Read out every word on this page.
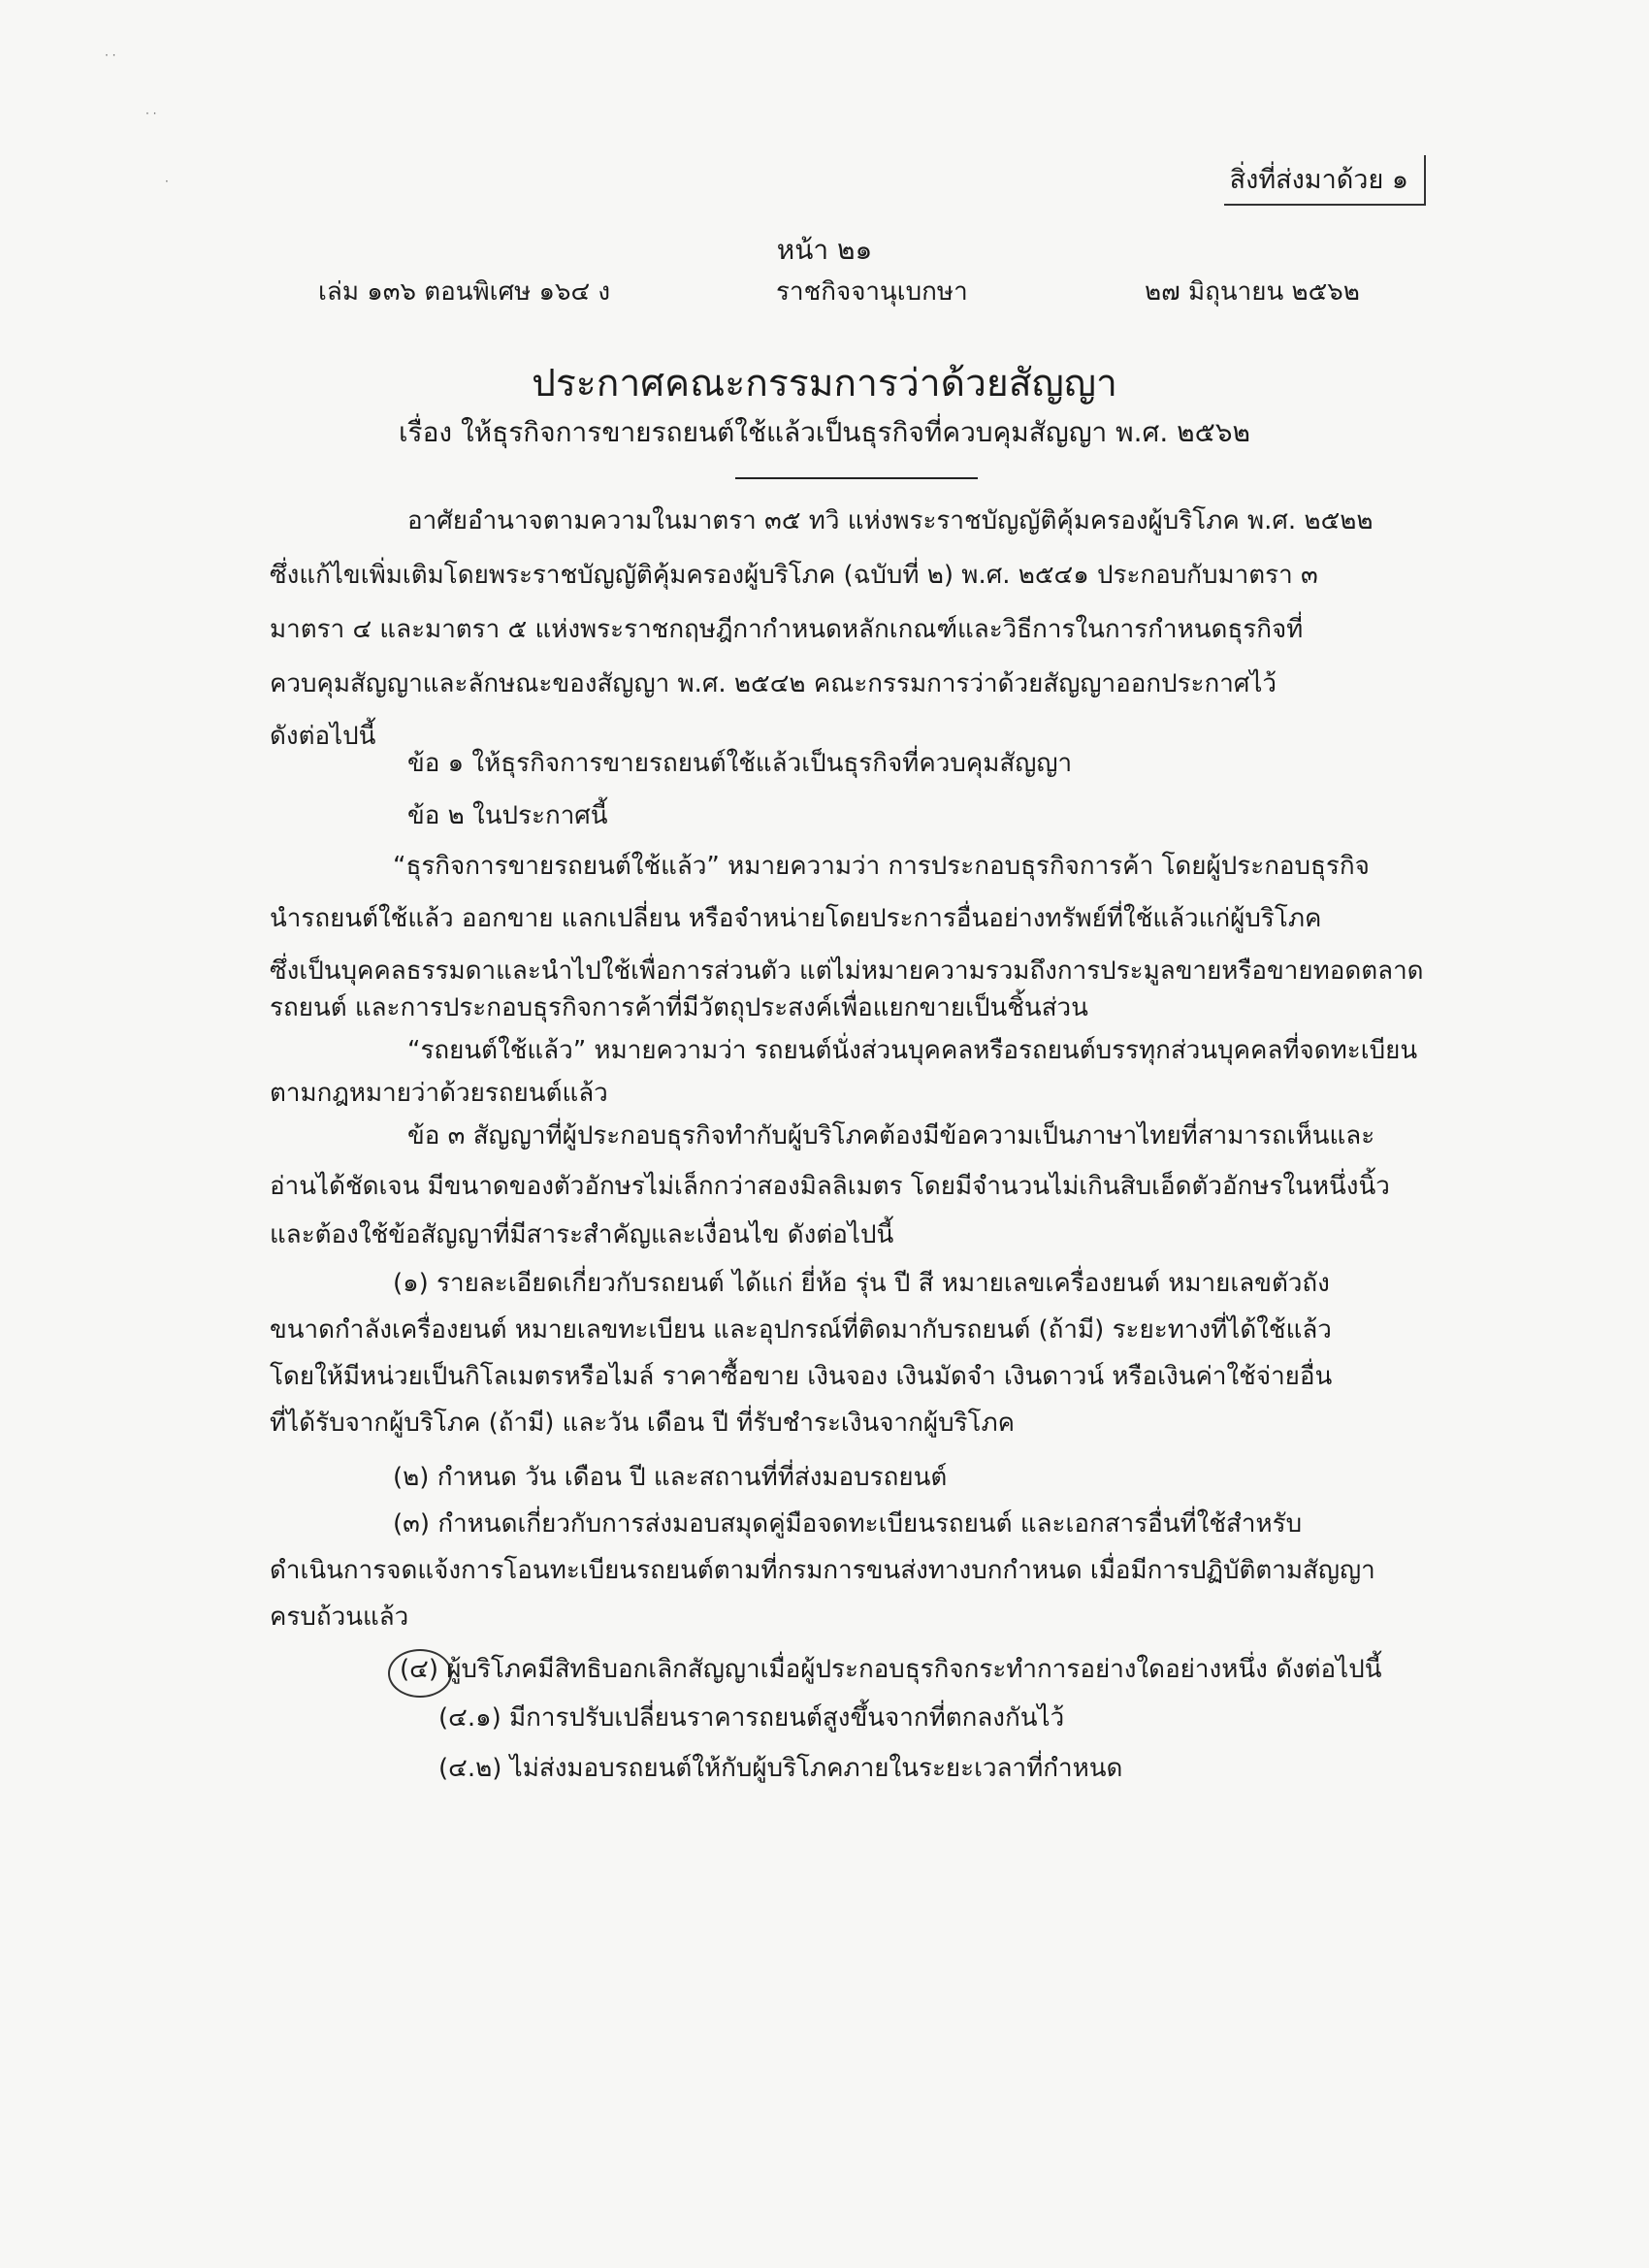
· ·
· ·
·	สิ่งที่ส่งมาด้วย ๑
หน้า ๒๑
เล่ม ๑๓๖ ตอนพิเศษ ๑๖๔ ง	ราชกิจจานุเบกษา	๒๗ มิถุนายน ๒๕๖๒
ประกาศคณะกรรมการว่าด้วยสัญญา
เรื่อง ให้ธุรกิจการขายรถยนต์ใช้แล้วเป็นธุรกิจที่ควบคุมสัญญา พ.ศ. ๒๕๖๒
อาศัยอำนาจตามความในมาตรา ๓๕ ทวิ แห่งพระราชบัญญัติคุ้มครองผู้บริโภค พ.ศ. ๒๕๒๒
ซึ่งแก้ไขเพิ่มเติมโดยพระราชบัญญัติคุ้มครองผู้บริโภค (ฉบับที่ ๒) พ.ศ. ๒๕๔๑ ประกอบกับมาตรา ๓
มาตรา ๔ และมาตรา ๕ แห่งพระราชกฤษฎีกากำหนดหลักเกณฑ์และวิธีการในการกำหนดธุรกิจที่
ควบคุมสัญญาและลักษณะของสัญญา พ.ศ. ๒๕๔๒ คณะกรรมการว่าด้วยสัญญาออกประกาศไว้
ดังต่อไปนี้
ข้อ ๑ ให้ธุรกิจการขายรถยนต์ใช้แล้วเป็นธุรกิจที่ควบคุมสัญญา
ข้อ ๒ ในประกาศนี้
“ธุรกิจการขายรถยนต์ใช้แล้ว” หมายความว่า การประกอบธุรกิจการค้า โดยผู้ประกอบธุรกิจ
นำรถยนต์ใช้แล้ว ออกขาย แลกเปลี่ยน หรือจำหน่ายโดยประการอื่นอย่างทรัพย์ที่ใช้แล้วแก่ผู้บริโภค
ซึ่งเป็นบุคคลธรรมดาและนำไปใช้เพื่อการส่วนตัว แต่ไม่หมายความรวมถึงการประมูลขายหรือขายทอดตลาด
รถยนต์ และการประกอบธุรกิจการค้าที่มีวัตถุประสงค์เพื่อแยกขายเป็นชิ้นส่วน
“รถยนต์ใช้แล้ว” หมายความว่า รถยนต์นั่งส่วนบุคคลหรือรถยนต์บรรทุกส่วนบุคคลที่จดทะเบียน
ตามกฎหมายว่าด้วยรถยนต์แล้ว
ข้อ ๓ สัญญาที่ผู้ประกอบธุรกิจทำกับผู้บริโภคต้องมีข้อความเป็นภาษาไทยที่สามารถเห็นและ
อ่านได้ชัดเจน มีขนาดของตัวอักษรไม่เล็กกว่าสองมิลลิเมตร โดยมีจำนวนไม่เกินสิบเอ็ดตัวอักษรในหนึ่งนิ้ว
และต้องใช้ข้อสัญญาที่มีสาระสำคัญและเงื่อนไข ดังต่อไปนี้
(๑) รายละเอียดเกี่ยวกับรถยนต์ ได้แก่ ยี่ห้อ รุ่น ปี สี หมายเลขเครื่องยนต์ หมายเลขตัวถัง
ขนาดกำลังเครื่องยนต์ หมายเลขทะเบียน และอุปกรณ์ที่ติดมากับรถยนต์ (ถ้ามี) ระยะทางที่ได้ใช้แล้ว
โดยให้มีหน่วยเป็นกิโลเมตรหรือไมล์ ราคาซื้อขาย เงินจอง เงินมัดจำ เงินดาวน์ หรือเงินค่าใช้จ่ายอื่น
ที่ได้รับจากผู้บริโภค (ถ้ามี) และวัน เดือน ปี ที่รับชำระเงินจากผู้บริโภค
(๒) กำหนด วัน เดือน ปี และสถานที่ที่ส่งมอบรถยนต์
(๓) กำหนดเกี่ยวกับการส่งมอบสมุดคู่มือจดทะเบียนรถยนต์ และเอกสารอื่นที่ใช้สำหรับ
ดำเนินการจดแจ้งการโอนทะเบียนรถยนต์ตามที่กรมการขนส่งทางบกกำหนด เมื่อมีการปฏิบัติตามสัญญา
ครบถ้วนแล้ว
(๔) ผู้บริโภคมีสิทธิบอกเลิกสัญญาเมื่อผู้ประกอบธุรกิจกระทำการอย่างใดอย่างหนึ่ง ดังต่อไปนี้
(๔.๑) มีการปรับเปลี่ยนราคารถยนต์สูงขึ้นจากที่ตกลงกันไว้
(๔.๒) ไม่ส่งมอบรถยนต์ให้กับผู้บริโภคภายในระยะเวลาที่กำหนด
